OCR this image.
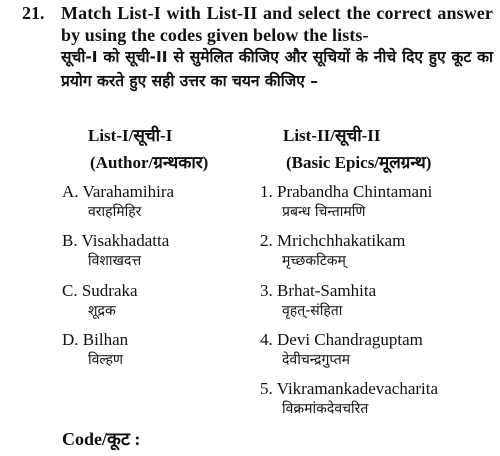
21. Match List-I with List-II and select the correct answer by using the codes given below the lists-
सूची-I को सूची-II से सुमेलित कीजिए और सूचियों के नीचे दिए हुए कूट का प्रयोग करते हुए सही उत्तर का चयन कीजिए –
List-I/सूची-I
(Author/ग्रन्थकार)
List-II/सूची-II
(Basic Epics/मूलग्रन्थ)
A. Varahamihira
वराहमिहिर
B. Visakhadatta
विशाखदत्त
C. Sudraka
शूद्रक
D. Bilhan
विल्हण
1. Prabandha Chintamani
प्रबन्ध चिन्तामणि
2. Mrichchhakatikam
मृच्छकटिकम्
3. Brhat-Samhita
वृहत्-संहिता
4. Devi Chandraguptam
देवीचन्द्रगुप्तम
5. Vikramankadevacharita
विक्रमांकदेवचरित
Code/कूट :
